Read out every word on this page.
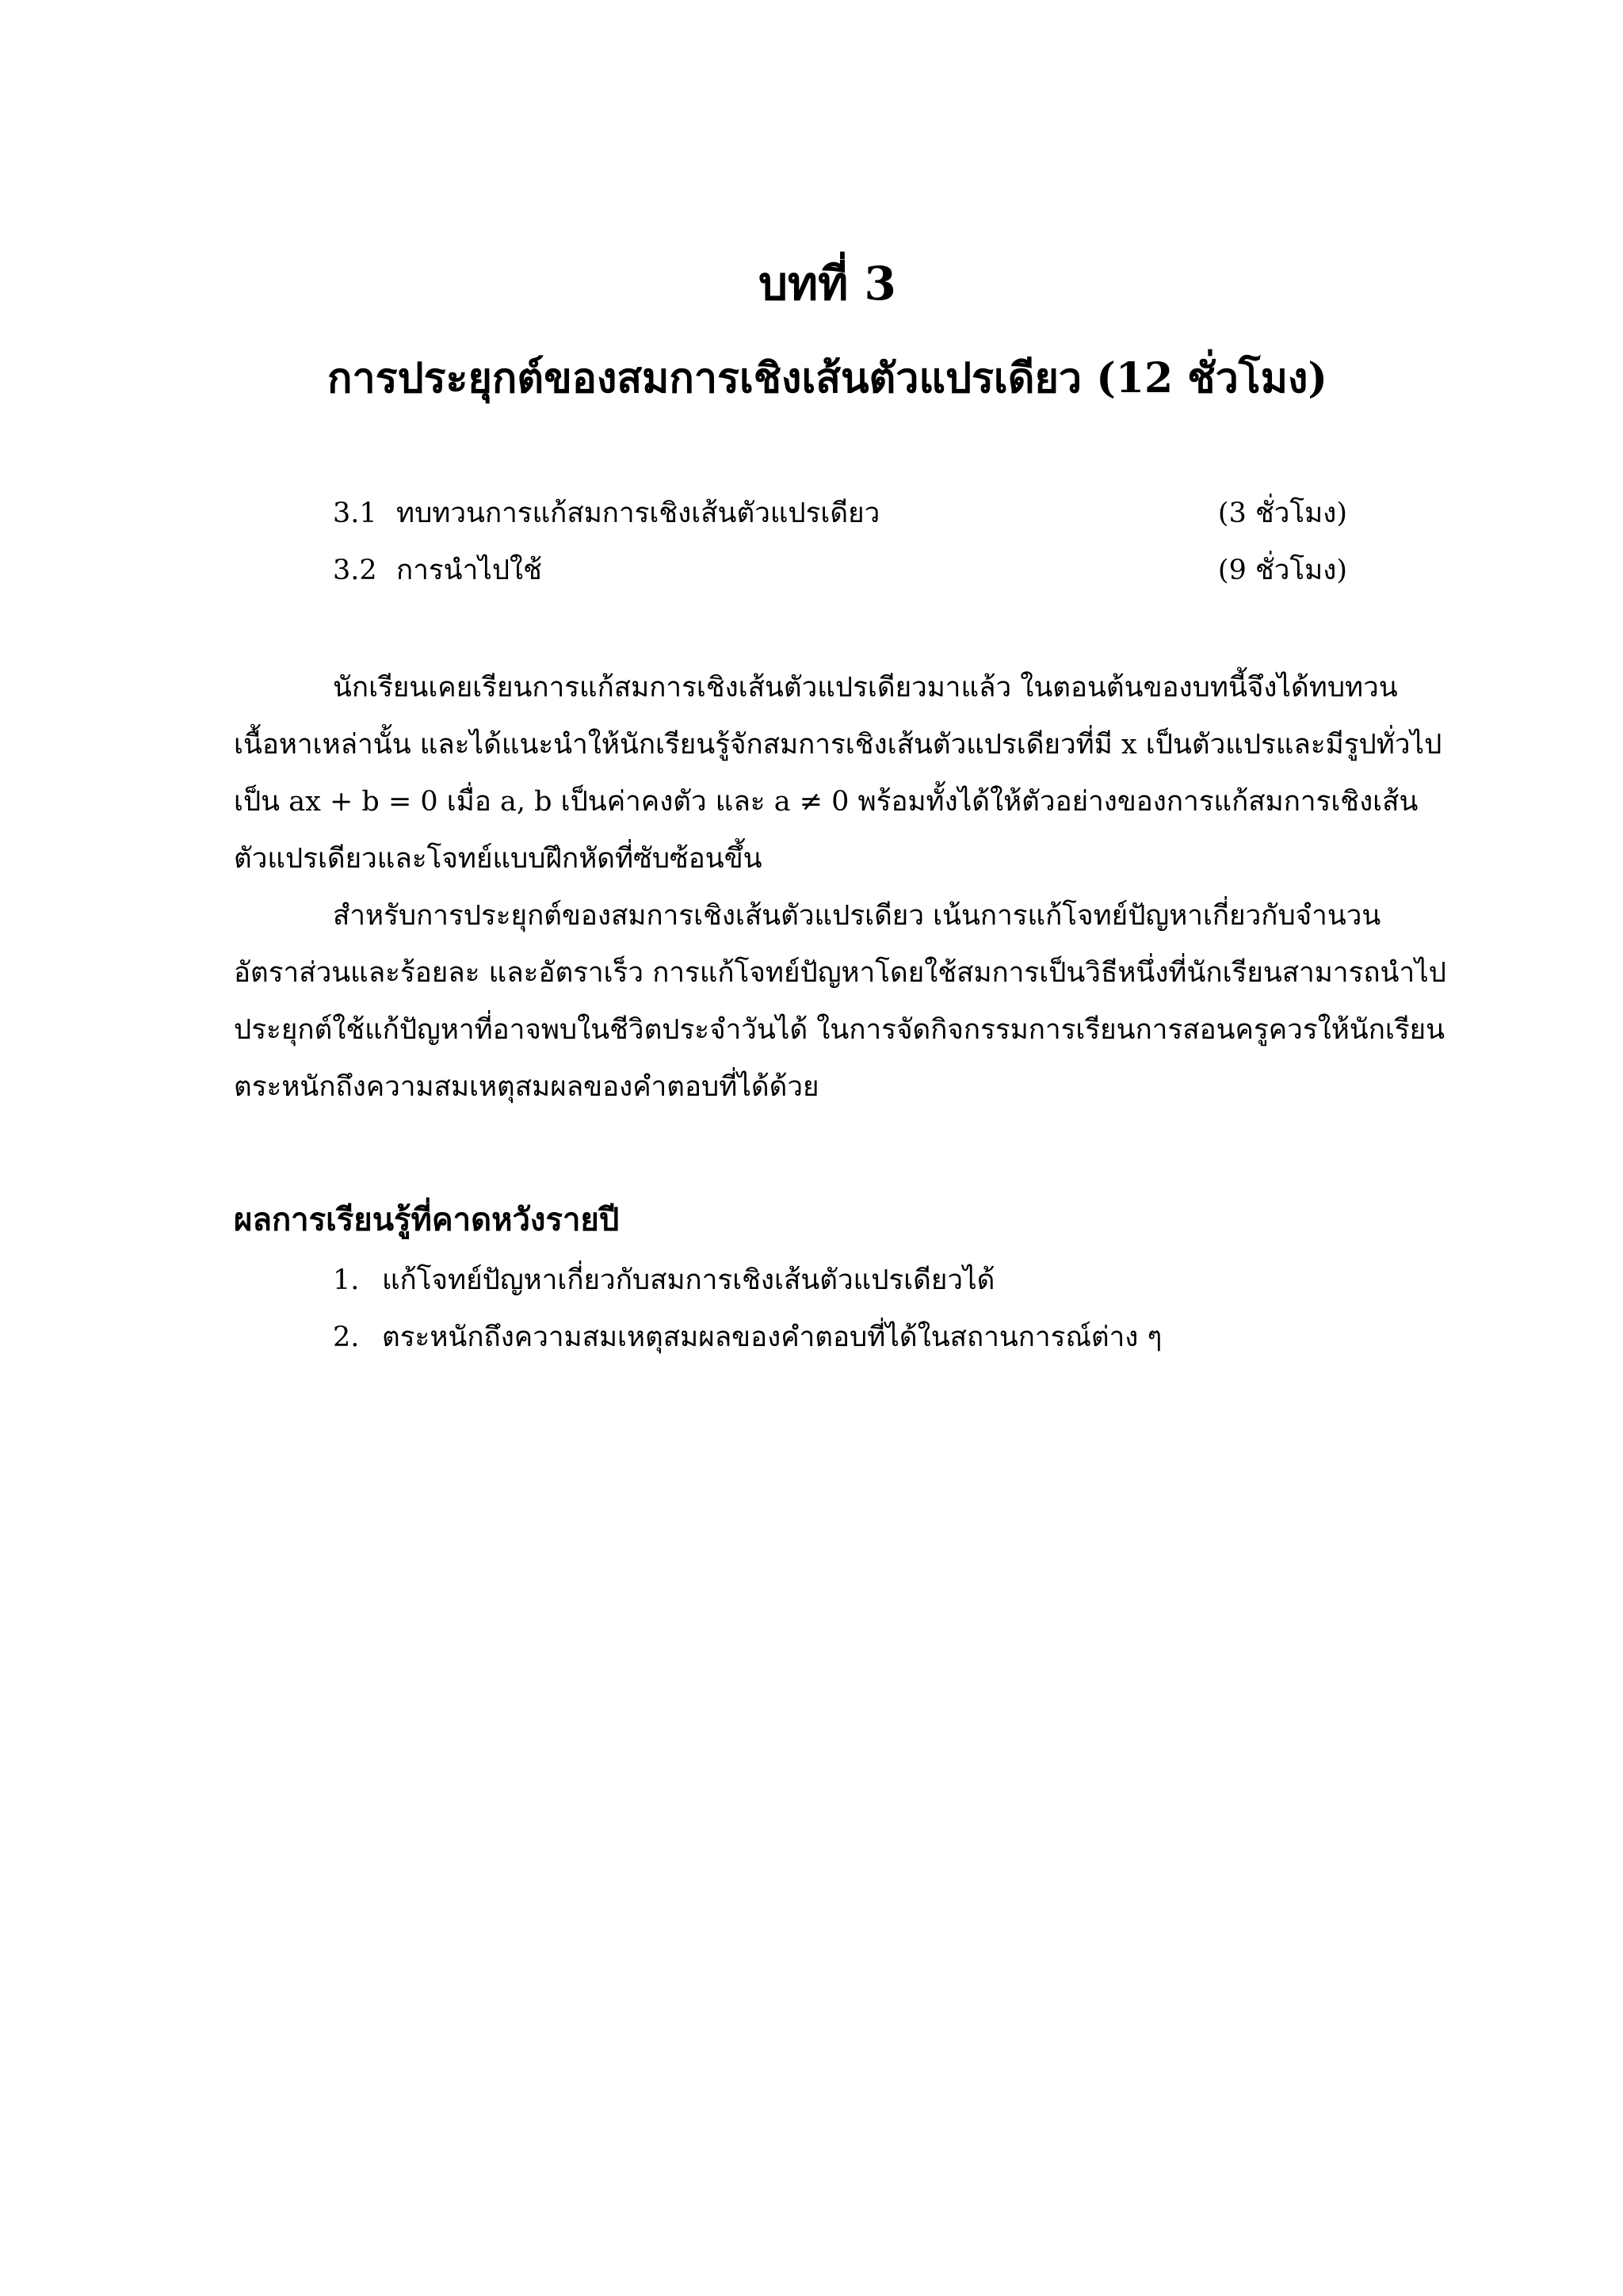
บทที่ 3
การประยุกต์ของสมการเชิงเส้นตัวแปรเดียว (12 ชั่วโมง)
3.1 ทบทวนการแก้สมการเชิงเส้นตัวแปรเดียว	(3 ชั่วโมง)
3.2 การนำไปใช้	(9 ชั่วโมง)

นักเรียนเคยเรียนการแก้สมการเชิงเส้นตัวแปรเดียวมาแล้ว ในตอนต้นของบทนี้จึงได้ทบทวนเนื้อหาเหล่านั้น และได้แนะนำให้นักเรียนรู้จักสมการเชิงเส้นตัวแปรเดียวที่มี x เป็นตัวแปรและมีรูปทั่วไปเป็น ax + b = 0 เมื่อ a, b เป็นค่าคงตัว และ a ≠ 0 พร้อมทั้งได้ให้ตัวอย่างของการแก้สมการเชิงเส้นตัวแปรเดียวและโจทย์แบบฝึกหัดที่ซับซ้อนขึ้น

สำหรับการประยุกต์ของสมการเชิงเส้นตัวแปรเดียว เน้นการแก้โจทย์ปัญหาเกี่ยวกับจำนวน อัตราส่วนและร้อยละ และอัตราเร็ว การแก้โจทย์ปัญหาโดยใช้สมการเป็นวิธีหนึ่งที่นักเรียนสามารถนำไปประยุกต์ใช้แก้ปัญหาที่อาจพบในชีวิตประจำวันได้ ในการจัดกิจกรรมการเรียนการสอนครูควรให้นักเรียนตระหนักถึงความสมเหตุสมผลของคำตอบที่ได้ด้วย

ผลการเรียนรู้ที่คาดหวังรายปี
1. แก้โจทย์ปัญหาเกี่ยวกับสมการเชิงเส้นตัวแปรเดียวได้
2. ตระหนักถึงความสมเหตุสมผลของคำตอบที่ได้ในสถานการณ์ต่าง ๆ
